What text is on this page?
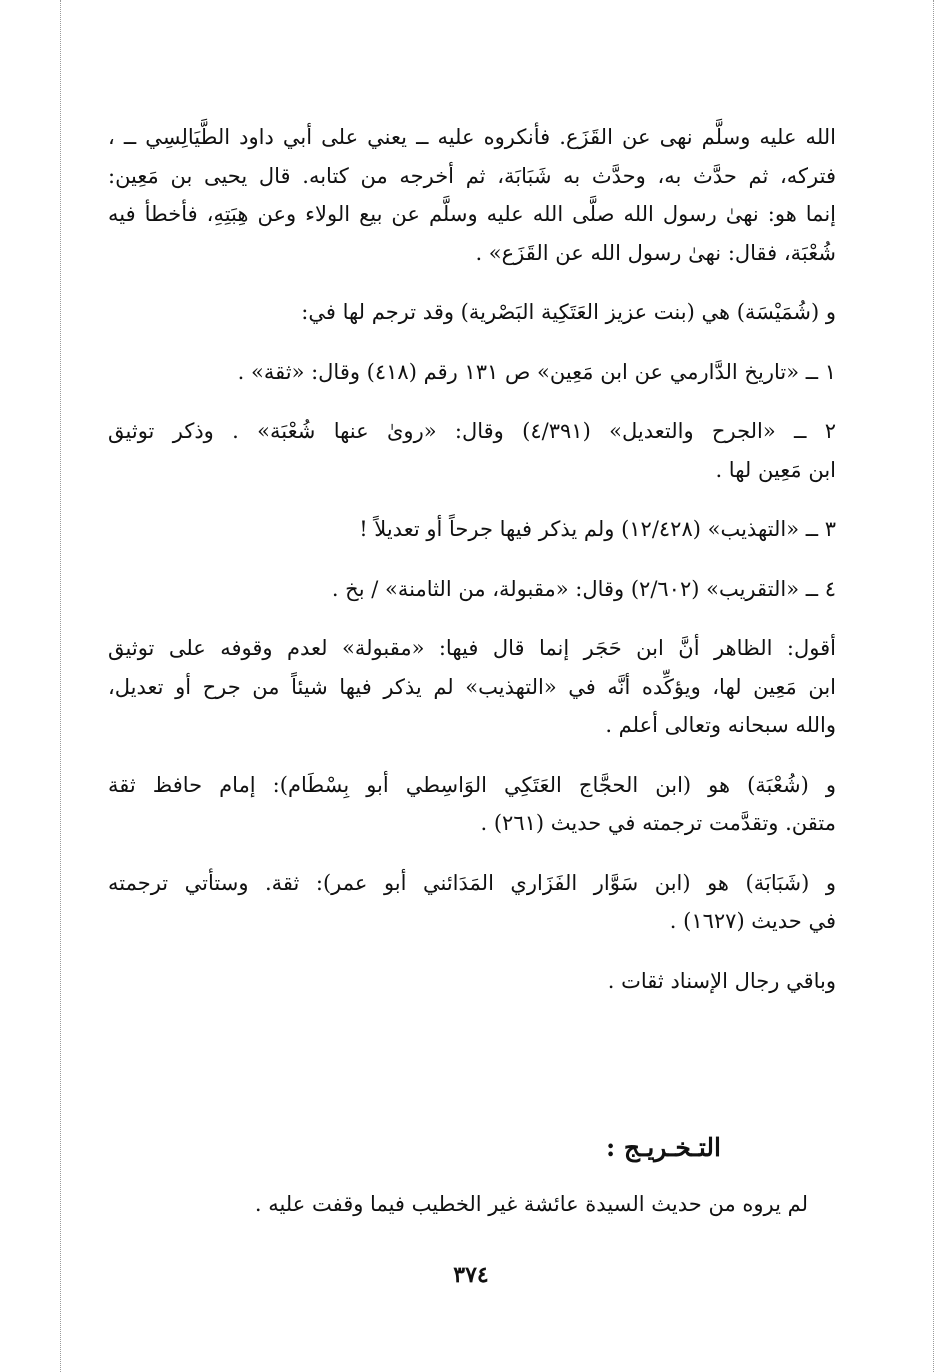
الله عليه وسلَّم نهى عن القَزَع. فأنكروه عليه ــ يعني على أبي داود الطَّيَالِسِي ــ ،
فتركه، ثم حدَّث به، وحدَّث به شَبَابَة، ثم أخرجه من كتابه. قال يحيى بن مَعِين:
إنما هو: نهىٰ رسول الله صلَّى الله عليه وسلَّم عن بيع الولاء وعن هِبَتِهِ، فأخطأ فيه
شُعْبَة، فقال: نهىٰ رسول الله عن القَزَع» .
و (شُمَيْسَة) هي (بنت عزيز العَتَكِية البَصْرية) وقد ترجم لها في:
١ ــ «تاريخ الدَّارمي عن ابن مَعِين» ص ١٣١ رقم (٤١٨) وقال: «ثقة» .
٢ ــ «الجرح والتعديل» (٤/٣٩١) وقال: «روىٰ عنها شُعْبَة» . وذكر توثيق
ابن مَعِين لها .
٣ ــ «التهذيب» (١٢/٤٢٨) ولم يذكر فيها جرحاً أو تعديلاً !
٤ ــ «التقريب» (٢/٦٠٢) وقال: «مقبولة، من الثامنة» / بخ .
أقول: الظاهر أنَّ ابن حَجَر إنما قال فيها: «مقبولة» لعدم وقوفه على توثيق
ابن مَعِين لها، ويؤكِّده أنَّه في «التهذيب» لم يذكر فيها شيئاً من جرح أو تعديل،
والله سبحانه وتعالى أعلم .
و (شُعْبَة) هو (ابن الحجَّاج العَتَكِي الوَاسِطي أبو بِسْطَام): إمام حافظ ثقة
متقن. وتقدَّمت ترجمته في حديث (٢٦١) .
و (شَبَابَة) هو (ابن سَوَّار الفَزَاري المَدَائني أبو عمر): ثقة. وستأتي ترجمته
في حديث (١٦٢٧) .
وباقي رجال الإسناد ثقات .
التـخـريـج :
لم يروه من حديث السيدة عائشة غير الخطيب فيما وقفت عليه .
٣٧٤
